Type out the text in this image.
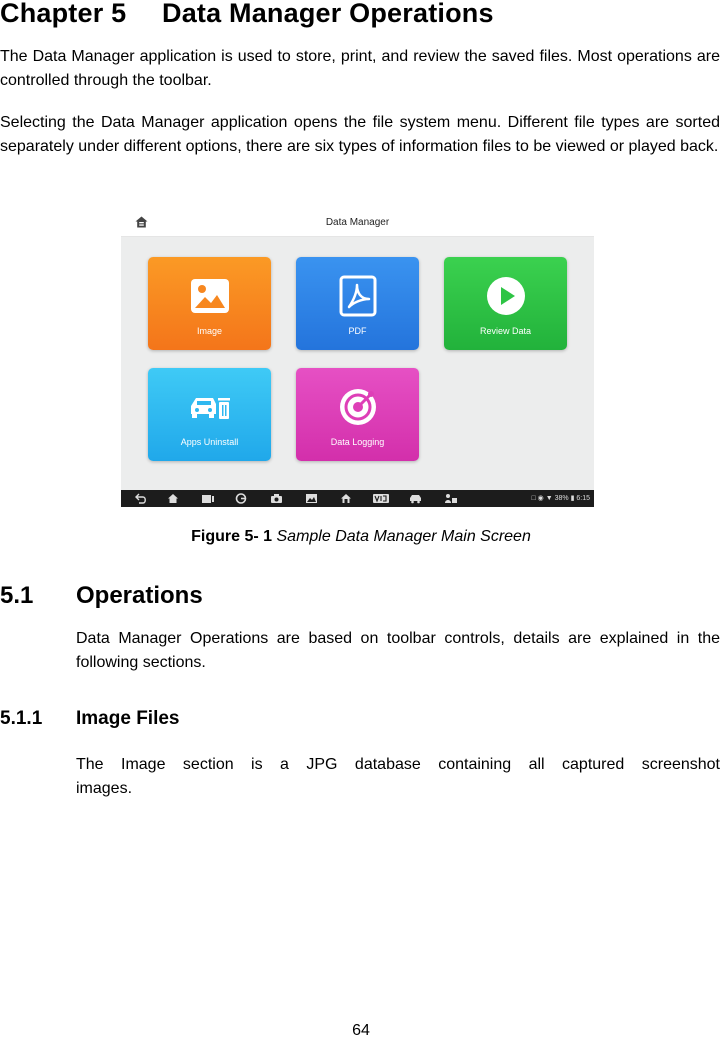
Chapter 5 Data Manager Operations
The Data Manager application is used to store, print, and review the saved files. Most operations are controlled through the toolbar.
Selecting the Data Manager application opens the file system menu. Different file types are sorted separately under different options, there are six types of information files to be viewed or played back.
Data Manager
Image	PDF	Review Data
Apps Uninstall	Data Logging
□ ◉ ▼ 38% ▮ 6:15
Figure 5- 1 Sample Data Manager Main Screen
5.1 Operations
Data Manager Operations are based on toolbar controls, details are explained in the following sections.
5.1.1 Image Files
The Image section is a JPG database containing all captured screenshot images.
64
